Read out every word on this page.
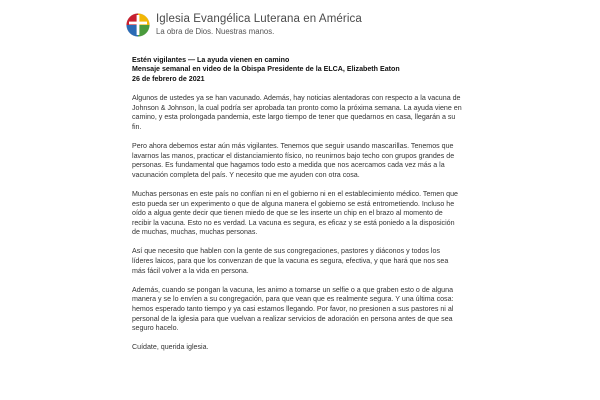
Iglesia Evangélica Luterana en América
La obra de Dios. Nuestras manos.
Estén vigilantes — La ayuda vienen en camino
Mensaje semanal en video de la Obispa Presidente de la ELCA, Elizabeth Eaton
26 de febrero de 2021

Algunos de ustedes ya se han vacunado. Además, hay noticias alentadoras con respecto a la vacuna de Johnson & Johnson, la cual podría ser aprobada tan pronto como la próxima semana. La ayuda viene en camino, y esta prolongada pandemia, este largo tiempo de tener que quedarnos en casa, llegarán a su fin.

Pero ahora debemos estar aún más vigilantes. Tenemos que seguir usando mascarillas. Tenemos que lavarnos las manos, practicar el distanciamiento físico, no reunirnos bajo techo con grupos grandes de personas. Es fundamental que hagamos todo esto a medida que nos acercamos cada vez más a la vacunación completa del país. Y necesito que me ayuden con otra cosa.

Muchas personas en este país no confían ni en el gobierno ni en el establecimiento médico. Temen que esto pueda ser un experimento o que de alguna manera el gobierno se está entrometiendo. Incluso he oído a algua gente decir que tienen miedo de que se les inserte un chip en el brazo al momento de recibir la vacuna. Esto no es verdad. La vacuna es segura, es eficaz y se está poniedo a la disposición de muchas, muchas, muchas personas.

Así que necesito que hablen con la gente de sus congregaciones, pastores y diáconos y todos los líderes laicos, para que los convenzan de que la vacuna es segura, efectiva, y que hará que nos sea más fácil volver a la vida en persona.

Además, cuando se pongan la vacuna, les animo a tomarse un selfie o a que graben esto o de alguna manera y se lo envíen a su congregación, para que vean que es realmente segura. Y una última cosa: hemos esperado tanto tiempo y ya casi estamos llegando. Por favor, no presionen a sus pastores ni al personal de la iglesia para que vuelvan a realizar servicios de adoración en persona antes de que sea seguro hacelo.

Cuídate, querida iglesia.
